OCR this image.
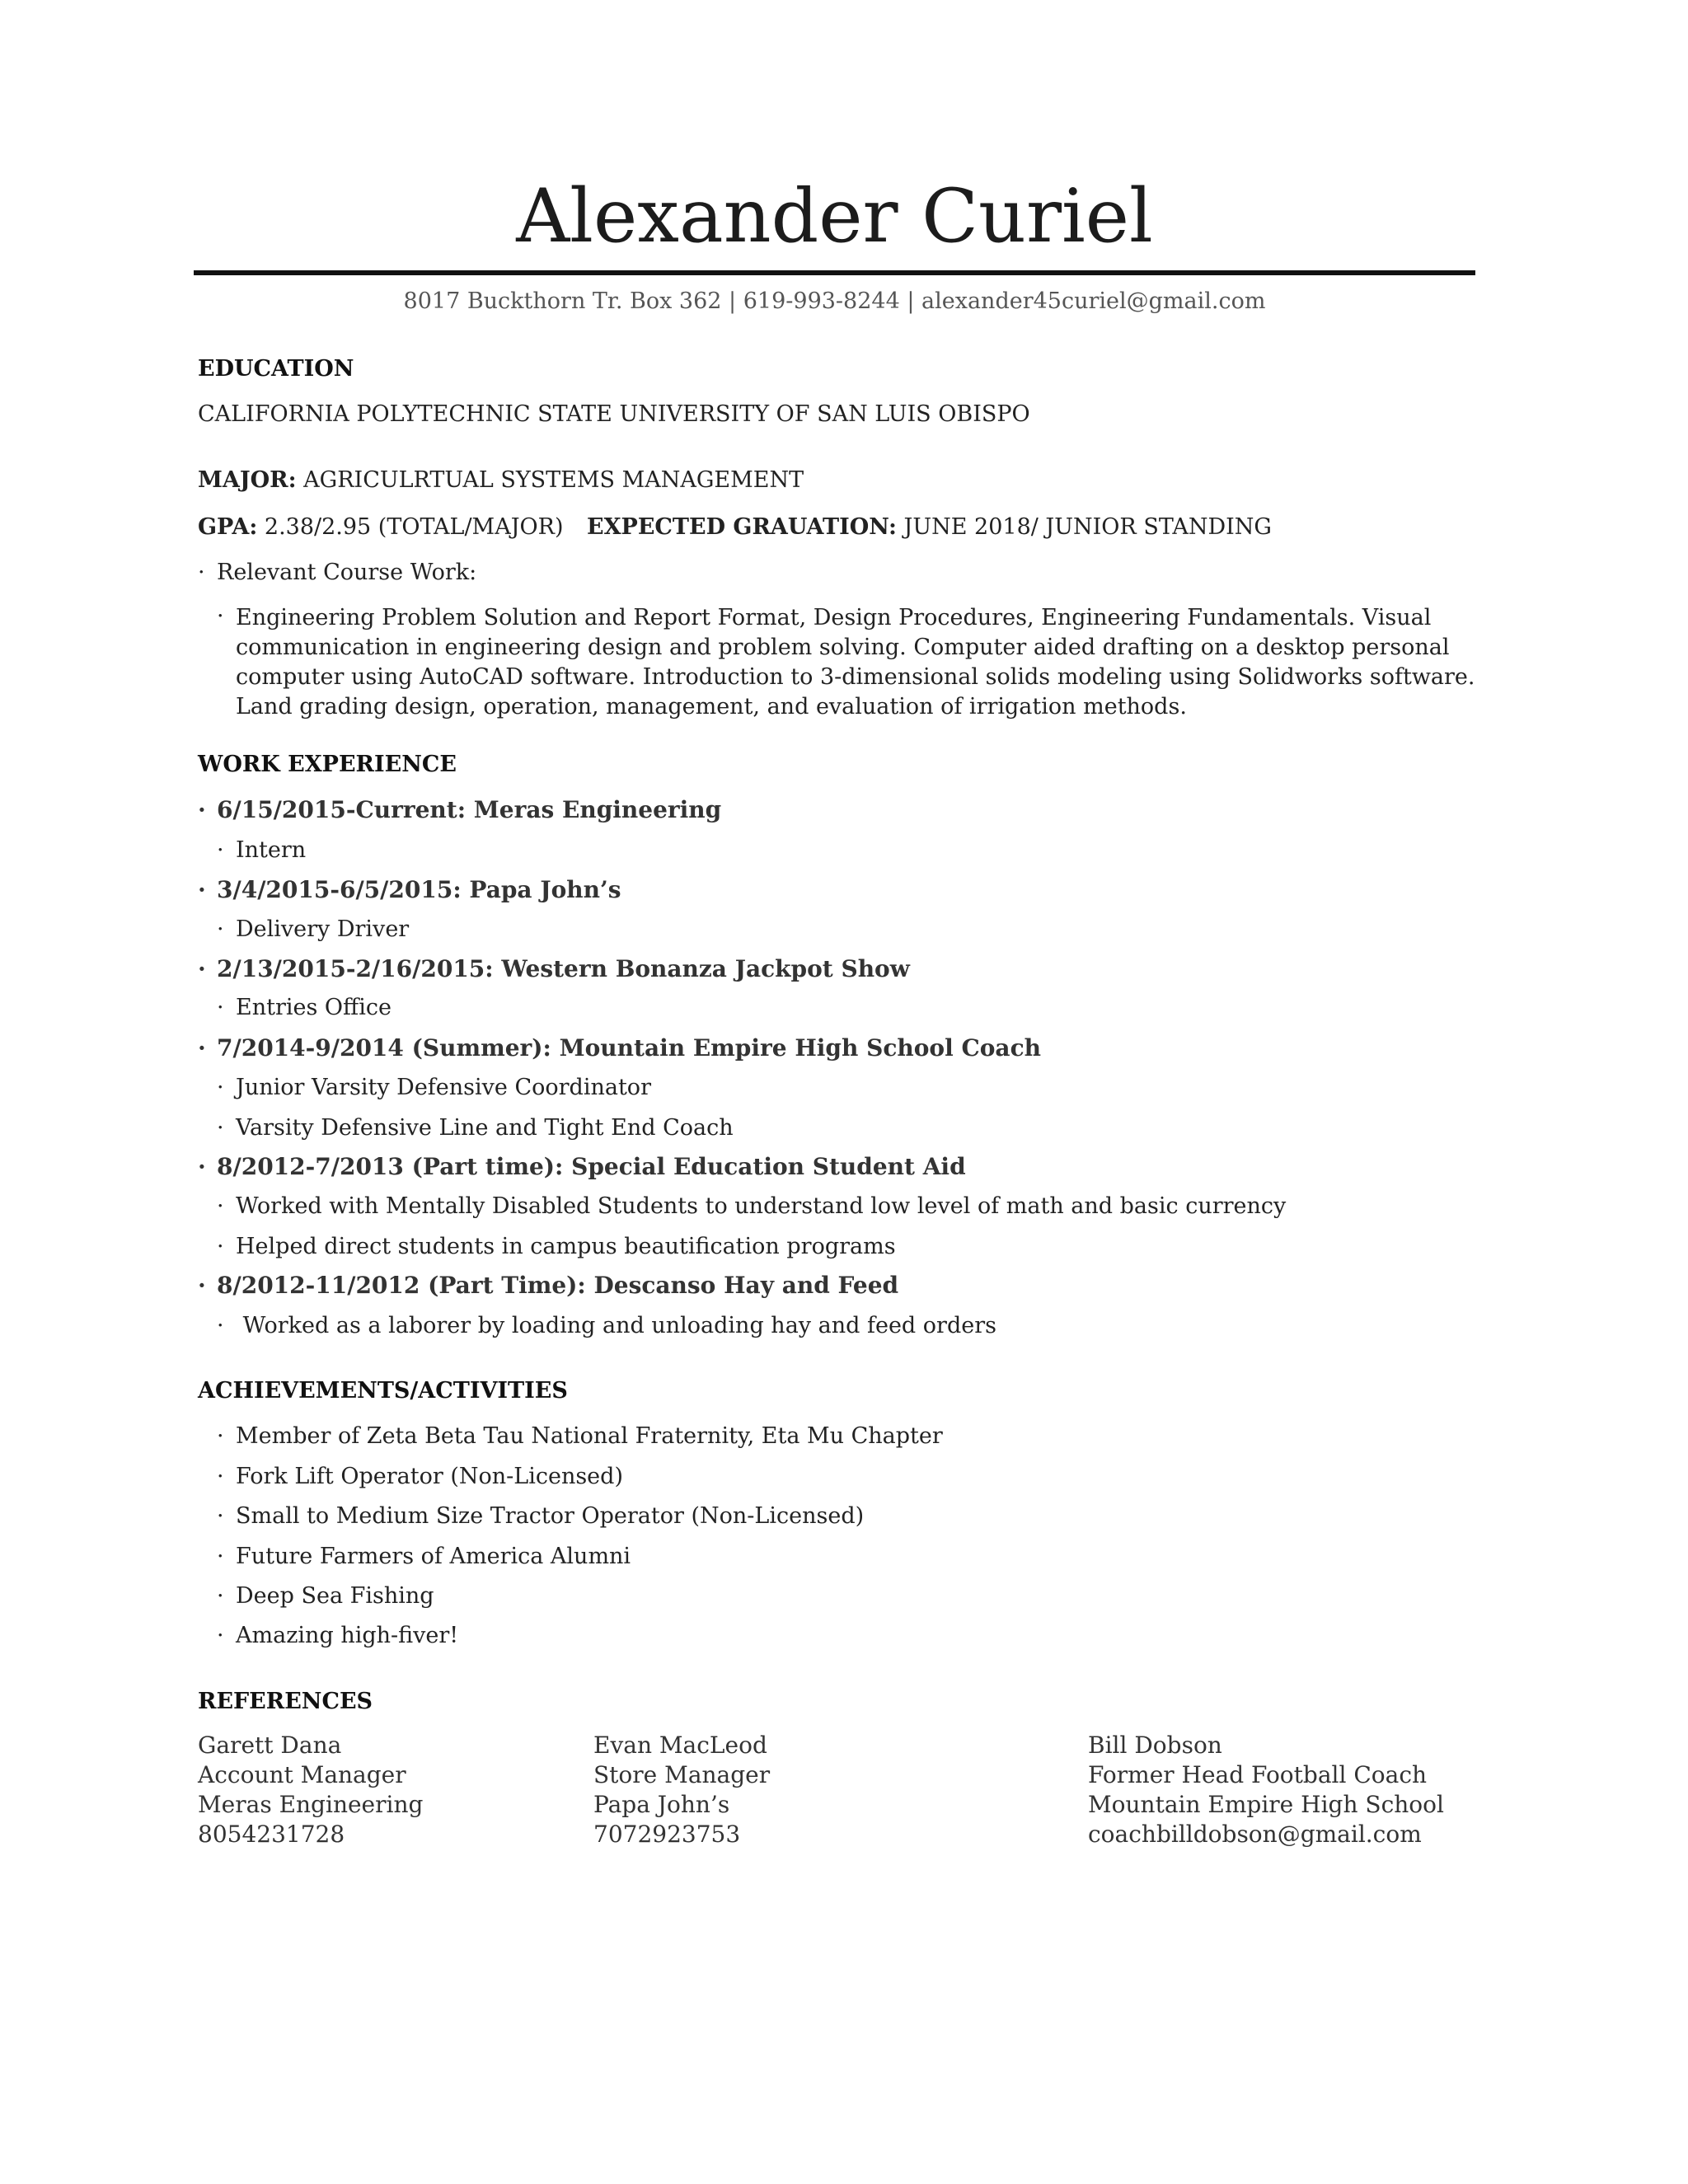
Alexander Curiel
8017 Buckthorn Tr. Box 362 | 619-993-8244 | alexander45curiel@gmail.com
EDUCATION
CALIFORNIA POLYTECHNIC STATE UNIVERSITY OF SAN LUIS OBISPO
MAJOR: AGRICULRTUAL SYSTEMS MANAGEMENT
GPA: 2.38/2.95 (TOTAL/MAJOR) EXPECTED GRAUATION: JUNE 2018/ JUNIOR STANDING
· Relevant Course Work:
· Engineering Problem Solution and Report Format, Design Procedures, Engineering Fundamentals. Visual communication in engineering design and problem solving. Computer aided drafting on a desktop personal computer using AutoCAD software. Introduction to 3-dimensional solids modeling using Solidworks software. Land grading design, operation, management, and evaluation of irrigation methods.
WORK EXPERIENCE
· 6/15/2015-Current: Meras Engineering
· Intern
· 3/4/2015-6/5/2015: Papa John’s
· Delivery Driver
· 2/13/2015-2/16/2015: Western Bonanza Jackpot Show
· Entries Office
· 7/2014-9/2014 (Summer): Mountain Empire High School Coach
· Junior Varsity Defensive Coordinator
· Varsity Defensive Line and Tight End Coach
· 8/2012-7/2013 (Part time): Special Education Student Aid
· Worked with Mentally Disabled Students to understand low level of math and basic currency
· Helped direct students in campus beautification programs
· 8/2012-11/2012 (Part Time): Descanso Hay and Feed
· Worked as a laborer by loading and unloading hay and feed orders
ACHIEVEMENTS/ACTIVITIES
· Member of Zeta Beta Tau National Fraternity, Eta Mu Chapter
· Fork Lift Operator (Non-Licensed)
· Small to Medium Size Tractor Operator (Non-Licensed)
· Future Farmers of America Alumni
· Deep Sea Fishing
· Amazing high-fiver!
REFERENCES
Garett Dana
Account Manager
Meras Engineering
8054231728
Evan MacLeod
Store Manager
Papa John’s
7072923753
Bill Dobson
Former Head Football Coach
Mountain Empire High School
coachbilldobson@gmail.com
